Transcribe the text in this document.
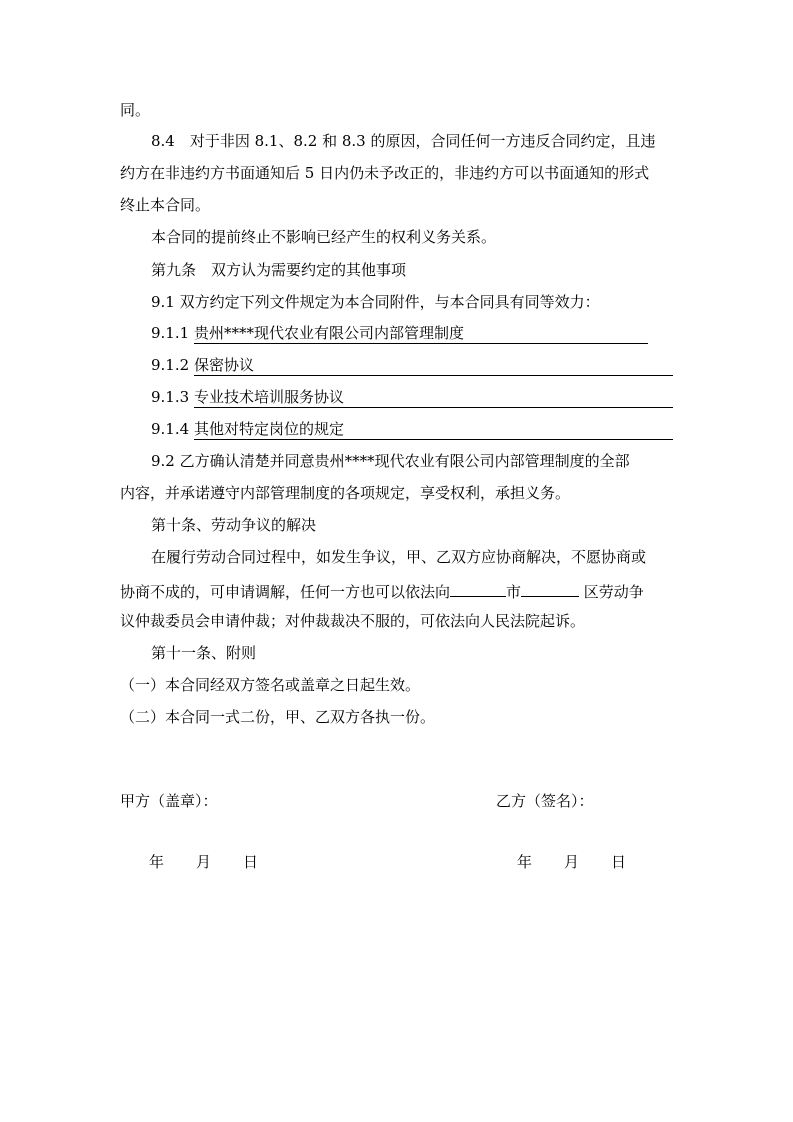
同。
8.4　对于非因 8.1、8.2 和 8.3 的原因，合同任何一方违反合同约定，且违
约方在非违约方书面通知后 5 日内仍未予改正的，非违约方可以书面通知的形式
终止本合同。
本合同的提前终止不影响已经产生的权利义务关系。
第九条　双方认为需要约定的其他事项
9.1 双方约定下列文件规定为本合同附件，与本合同具有同等效力：
9.1.1 贵州****现代农业有限公司内部管理制度
9.1.2 保密协议
9.1.3 专业技术培训服务协议
9.1.4 其他对特定岗位的规定
9.2 乙方确认清楚并同意贵州****现代农业有限公司内部管理制度的全部
内容，并承诺遵守内部管理制度的各项规定，享受权利，承担义务。
第十条、劳动争议的解决
在履行劳动合同过程中，如发生争议，甲、乙双方应协商解决，不愿协商或
协商不成的，可申请调解，任何一方也可以依法向	市	区劳动争
议仲裁委员会申请仲裁；对仲裁裁决不服的，可依法向人民法院起诉。
第十一条、附则
（一）本合同经双方签名或盖章之日起生效。
（二）本合同一式二份，甲、乙双方各执一份。
甲方（盖章）：	乙方（签名）：
年 月 日	年 月 日
